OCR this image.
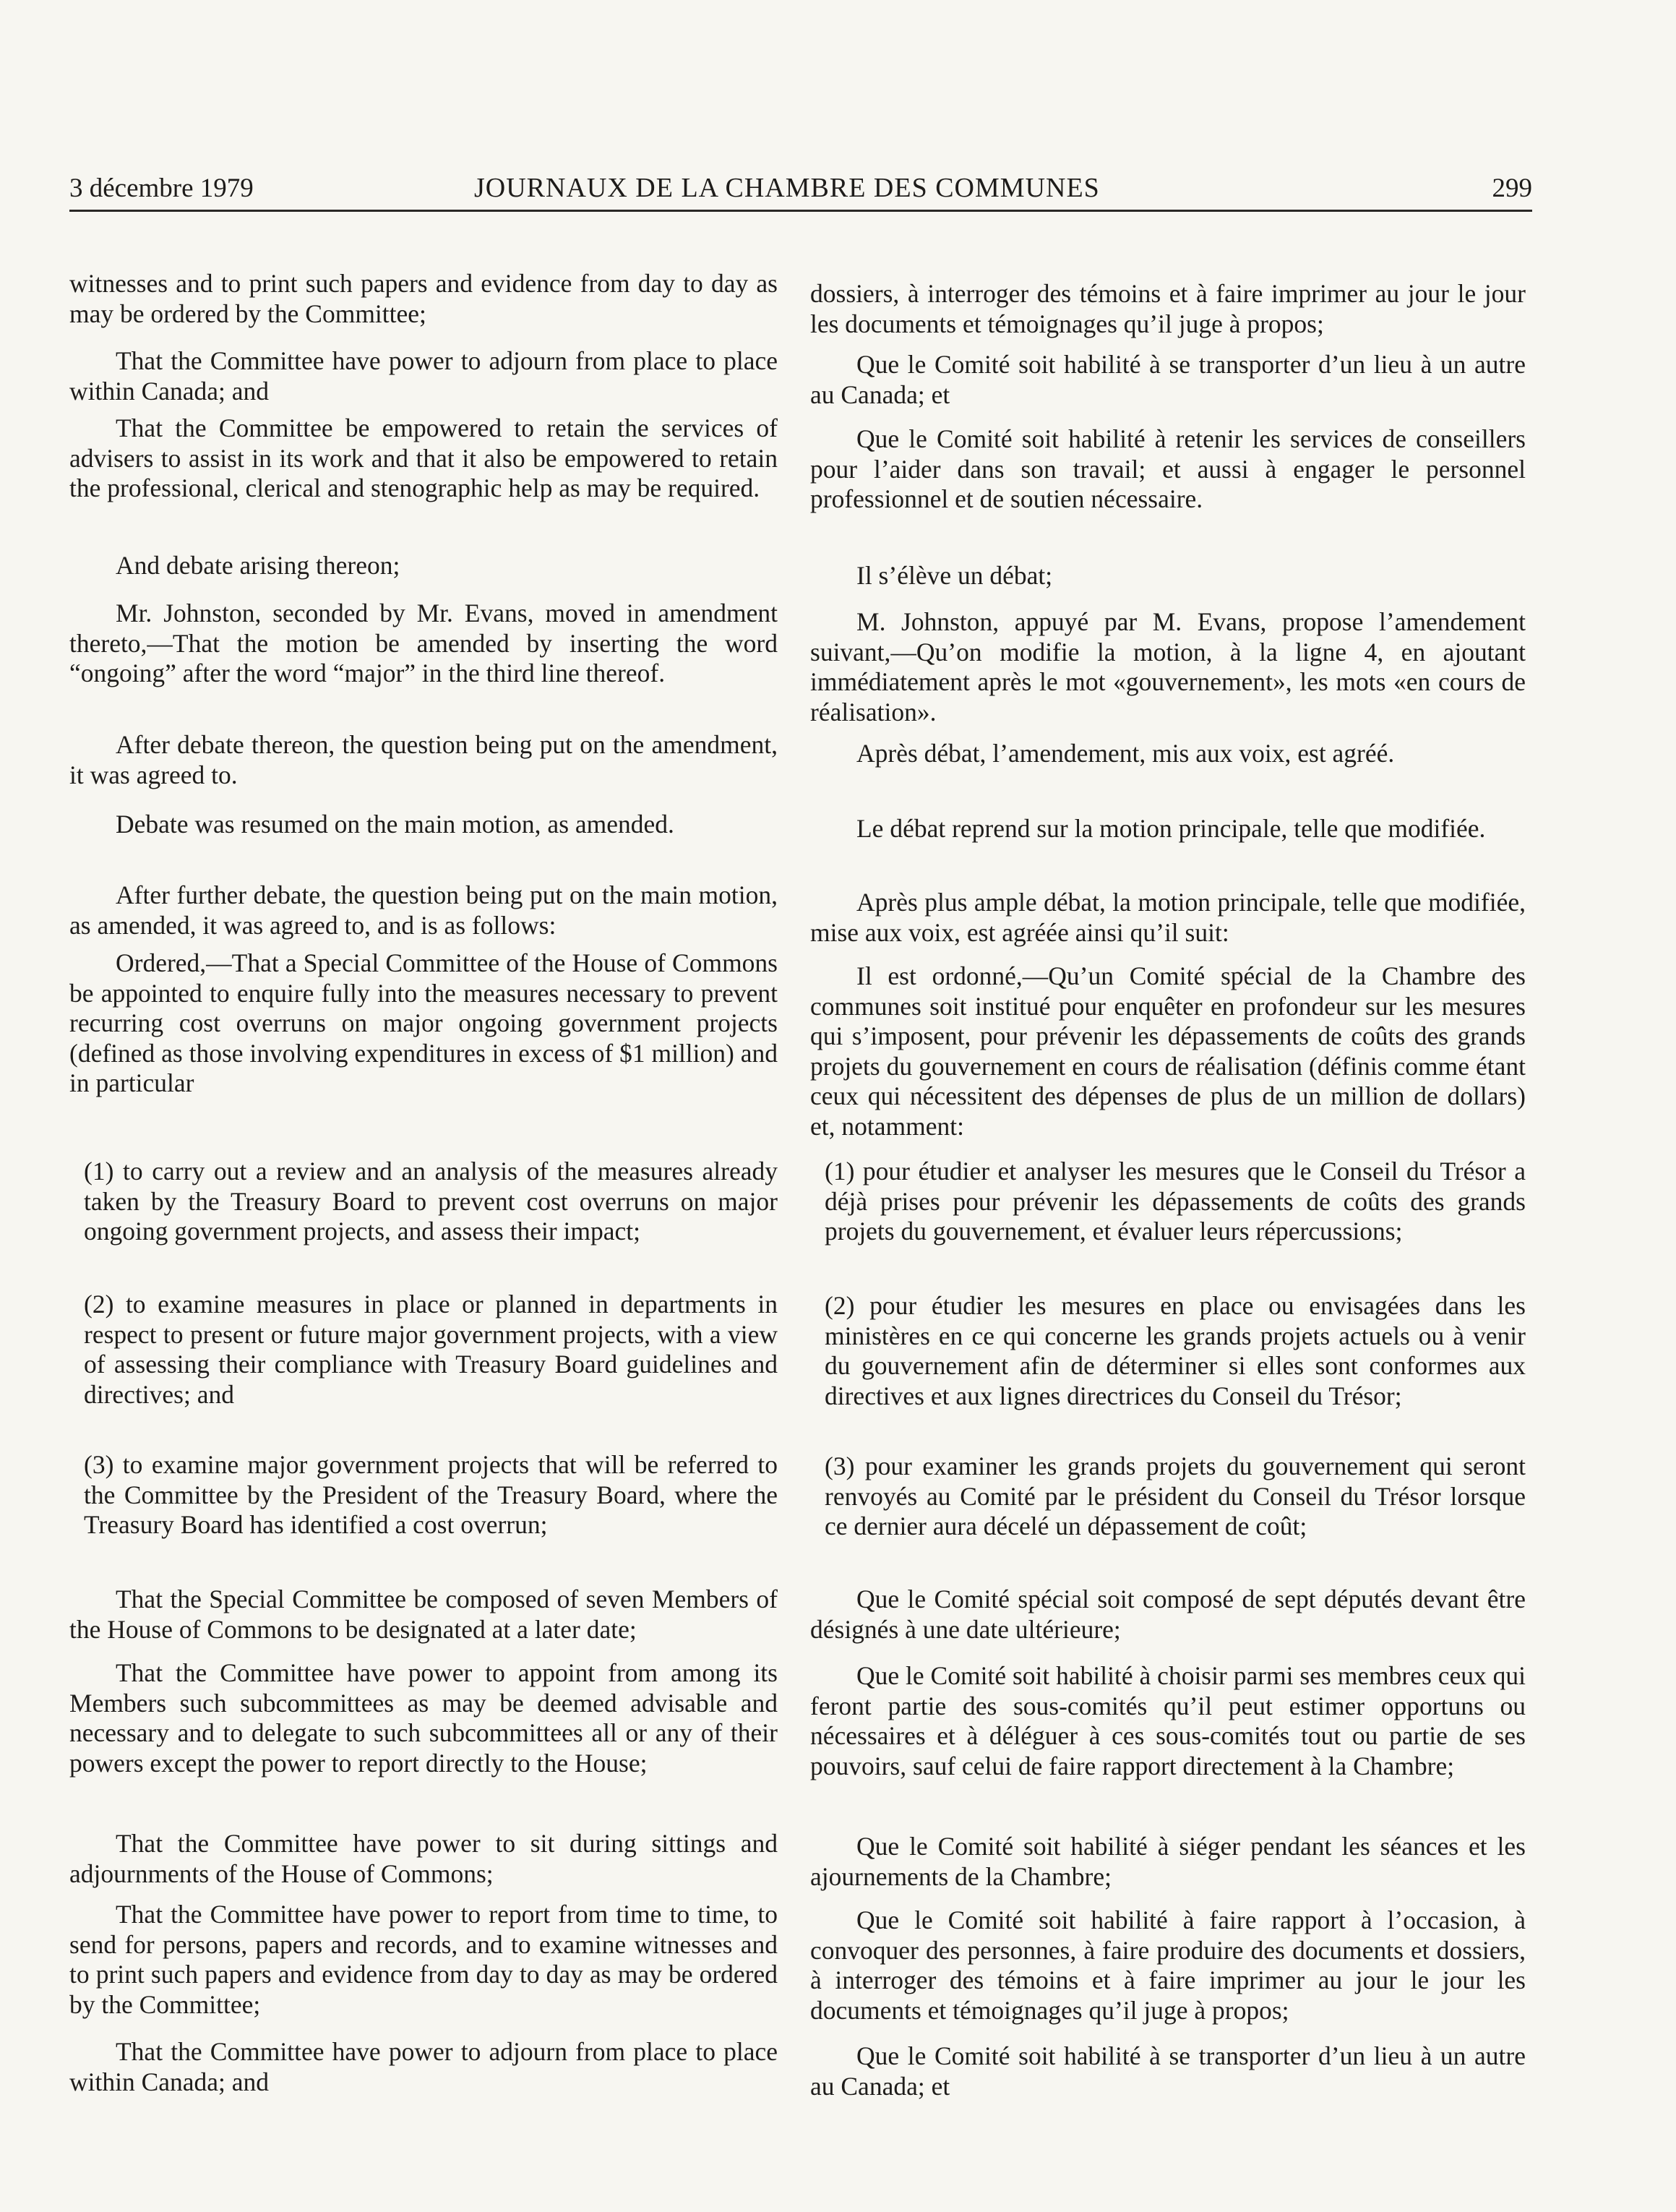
3 décembre 1979	JOURNAUX DE LA CHAMBRE DES COMMUNES	299

witnesses and to print such papers and evidence from day to day as may be ordered by the Committee;

That the Committee have power to adjourn from place to place within Canada; and

That the Committee be empowered to retain the services of advisers to assist in its work and that it also be empowered to retain the professional, clerical and stenographic help as may be required.

And debate arising thereon;

Mr. Johnston, seconded by Mr. Evans, moved in amendment thereto,—That the motion be amended by inserting the word “ongoing” after the word “major” in the third line thereof.

After debate thereon, the question being put on the amendment, it was agreed to.

Debate was resumed on the main motion, as amended.

After further debate, the question being put on the main motion, as amended, it was agreed to, and is as follows:

Ordered,—That a Special Committee of the House of Commons be appointed to enquire fully into the measures necessary to prevent recurring cost overruns on major ongoing government projects (defined as those involving expenditures in excess of $1 million) and in particular

(1) to carry out a review and an analysis of the measures already taken by the Treasury Board to prevent cost overruns on major ongoing government projects, and assess their impact;

(2) to examine measures in place or planned in departments in respect to present or future major government projects, with a view of assessing their compliance with Treasury Board guidelines and directives; and

(3) to examine major government projects that will be referred to the Committee by the President of the Treasury Board, where the Treasury Board has identified a cost overrun;

That the Special Committee be composed of seven Members of the House of Commons to be designated at a later date;

That the Committee have power to appoint from among its Members such subcommittees as may be deemed advisable and necessary and to delegate to such subcommittees all or any of their powers except the power to report directly to the House;

That the Committee have power to sit during sittings and adjournments of the House of Commons;

That the Committee have power to report from time to time, to send for persons, papers and records, and to examine witnesses and to print such papers and evidence from day to day as may be ordered by the Committee;

That the Committee have power to adjourn from place to place within Canada; and

dossiers, à interroger des témoins et à faire imprimer au jour le jour les documents et témoignages qu’il juge à propos;

Que le Comité soit habilité à se transporter d’un lieu à un autre au Canada; et

Que le Comité soit habilité à retenir les services de conseillers pour l’aider dans son travail; et aussi à engager le personnel professionnel et de soutien nécessaire.

Il s’élève un débat;

M. Johnston, appuyé par M. Evans, propose l’amendement suivant,—Qu’on modifie la motion, à la ligne 4, en ajoutant immédiatement après le mot «gouvernement», les mots «en cours de réalisation».

Après débat, l’amendement, mis aux voix, est agréé.

Le débat reprend sur la motion principale, telle que modifiée.

Après plus ample débat, la motion principale, telle que modifiée, mise aux voix, est agréée ainsi qu’il suit:

Il est ordonné,—Qu’un Comité spécial de la Chambre des communes soit institué pour enquêter en profondeur sur les mesures qui s’imposent, pour prévenir les dépassements de coûts des grands projets du gouvernement en cours de réalisation (définis comme étant ceux qui nécessitent des dépenses de plus de un million de dollars) et, notamment:

(1) pour étudier et analyser les mesures que le Conseil du Trésor a déjà prises pour prévenir les dépassements de coûts des grands projets du gouvernement, et évaluer leurs répercussions;

(2) pour étudier les mesures en place ou envisagées dans les ministères en ce qui concerne les grands projets actuels ou à venir du gouvernement afin de déterminer si elles sont conformes aux directives et aux lignes directrices du Conseil du Trésor;

(3) pour examiner les grands projets du gouvernement qui seront renvoyés au Comité par le président du Conseil du Trésor lorsque ce dernier aura décelé un dépassement de coût;

Que le Comité spécial soit composé de sept députés devant être désignés à une date ultérieure;

Que le Comité soit habilité à choisir parmi ses membres ceux qui feront partie des sous-comités qu’il peut estimer opportuns ou nécessaires et à déléguer à ces sous-comités tout ou partie de ses pouvoirs, sauf celui de faire rapport directement à la Chambre;

Que le Comité soit habilité à siéger pendant les séances et les ajournements de la Chambre;

Que le Comité soit habilité à faire rapport à l’occasion, à convoquer des personnes, à faire produire des documents et dossiers, à interroger des témoins et à faire imprimer au jour le jour les documents et témoignages qu’il juge à propos;

Que le Comité soit habilité à se transporter d’un lieu à un autre au Canada; et
